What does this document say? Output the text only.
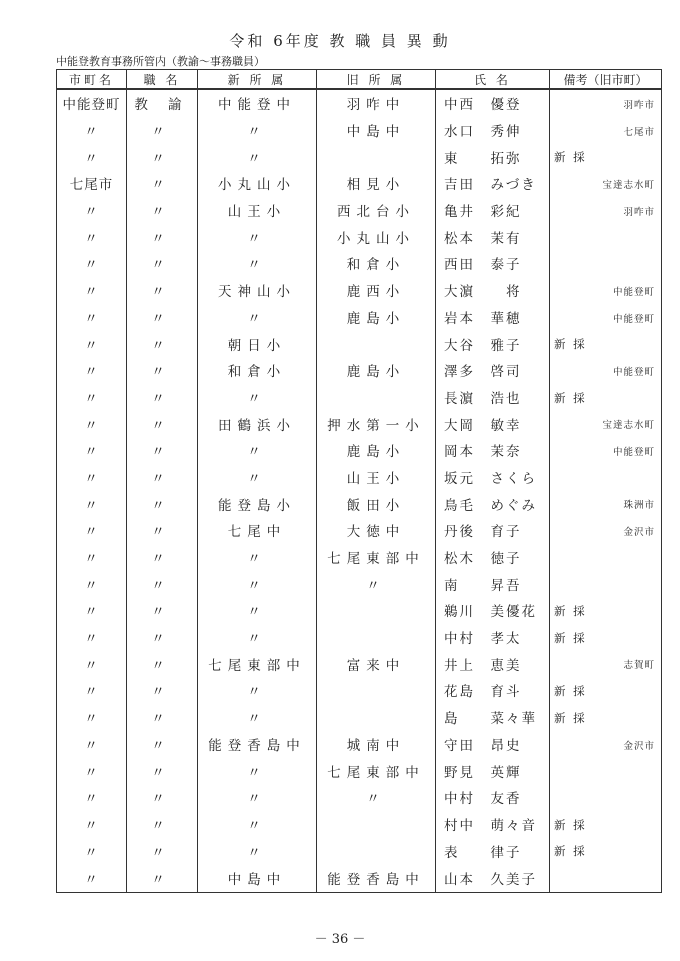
令和 6年度 教 職 員 異 動
中能登教育事務所管内（教諭～事務職員）
市町名	職 名	新 所 属	旧 所 属	氏 名	備考（旧市町）
中能登町	教 諭	中能登中	羽咋中	中西　優登	羽咋市

〃	〃	〃	中島中	水口　秀伸	七尾市

〃	〃	〃		東　　拓弥	新 採

七尾市	〃	小丸山小	相見小	吉田　みづき	宝達志水町

〃	〃	山王小	西北台小	亀井　彩紀	羽咋市

〃	〃	〃	小丸山小	松本　茉有	

〃	〃	〃	和倉小	西田　泰子	

〃	〃	天神山小	鹿西小	大濵　　将	中能登町

〃	〃	〃	鹿島小	岩本　華穂	中能登町

〃	〃	朝日小		大谷　雅子	新 採

〃	〃	和倉小	鹿島小	澤多　啓司	中能登町

〃	〃	〃		長濵　浩也	新 採

〃	〃	田鶴浜小	押水第一小	大岡　敏幸	宝達志水町

〃	〃	〃	鹿島小	岡本　茉奈	中能登町

〃	〃	〃	山王小	坂元　さくら	

〃	〃	能登島小	飯田小	鳥毛　めぐみ	珠洲市

〃	〃	七尾中	大徳中	丹後　育子	金沢市

〃	〃	〃	七尾東部中	松木　徳子	

〃	〃	〃	〃	南　　昇吾	

〃	〃	〃		鵜川　美優花	新 採

〃	〃	〃		中村　孝太	新 採

〃	〃	七尾東部中	富来中	井上　恵美	志賀町

〃	〃	〃		花島　育斗	新 採

〃	〃	〃		島　　菜々華	新 採

〃	〃	能登香島中	城南中	守田　昂史	金沢市

〃	〃	〃	七尾東部中	野見　英輝	

〃	〃	〃	〃	中村　友香	

〃	〃	〃		村中　萌々音	新 採

〃	〃	〃		表　　律子	新 採

〃	〃	中島中	能登香島中	山本　久美子	
－ 36 －
